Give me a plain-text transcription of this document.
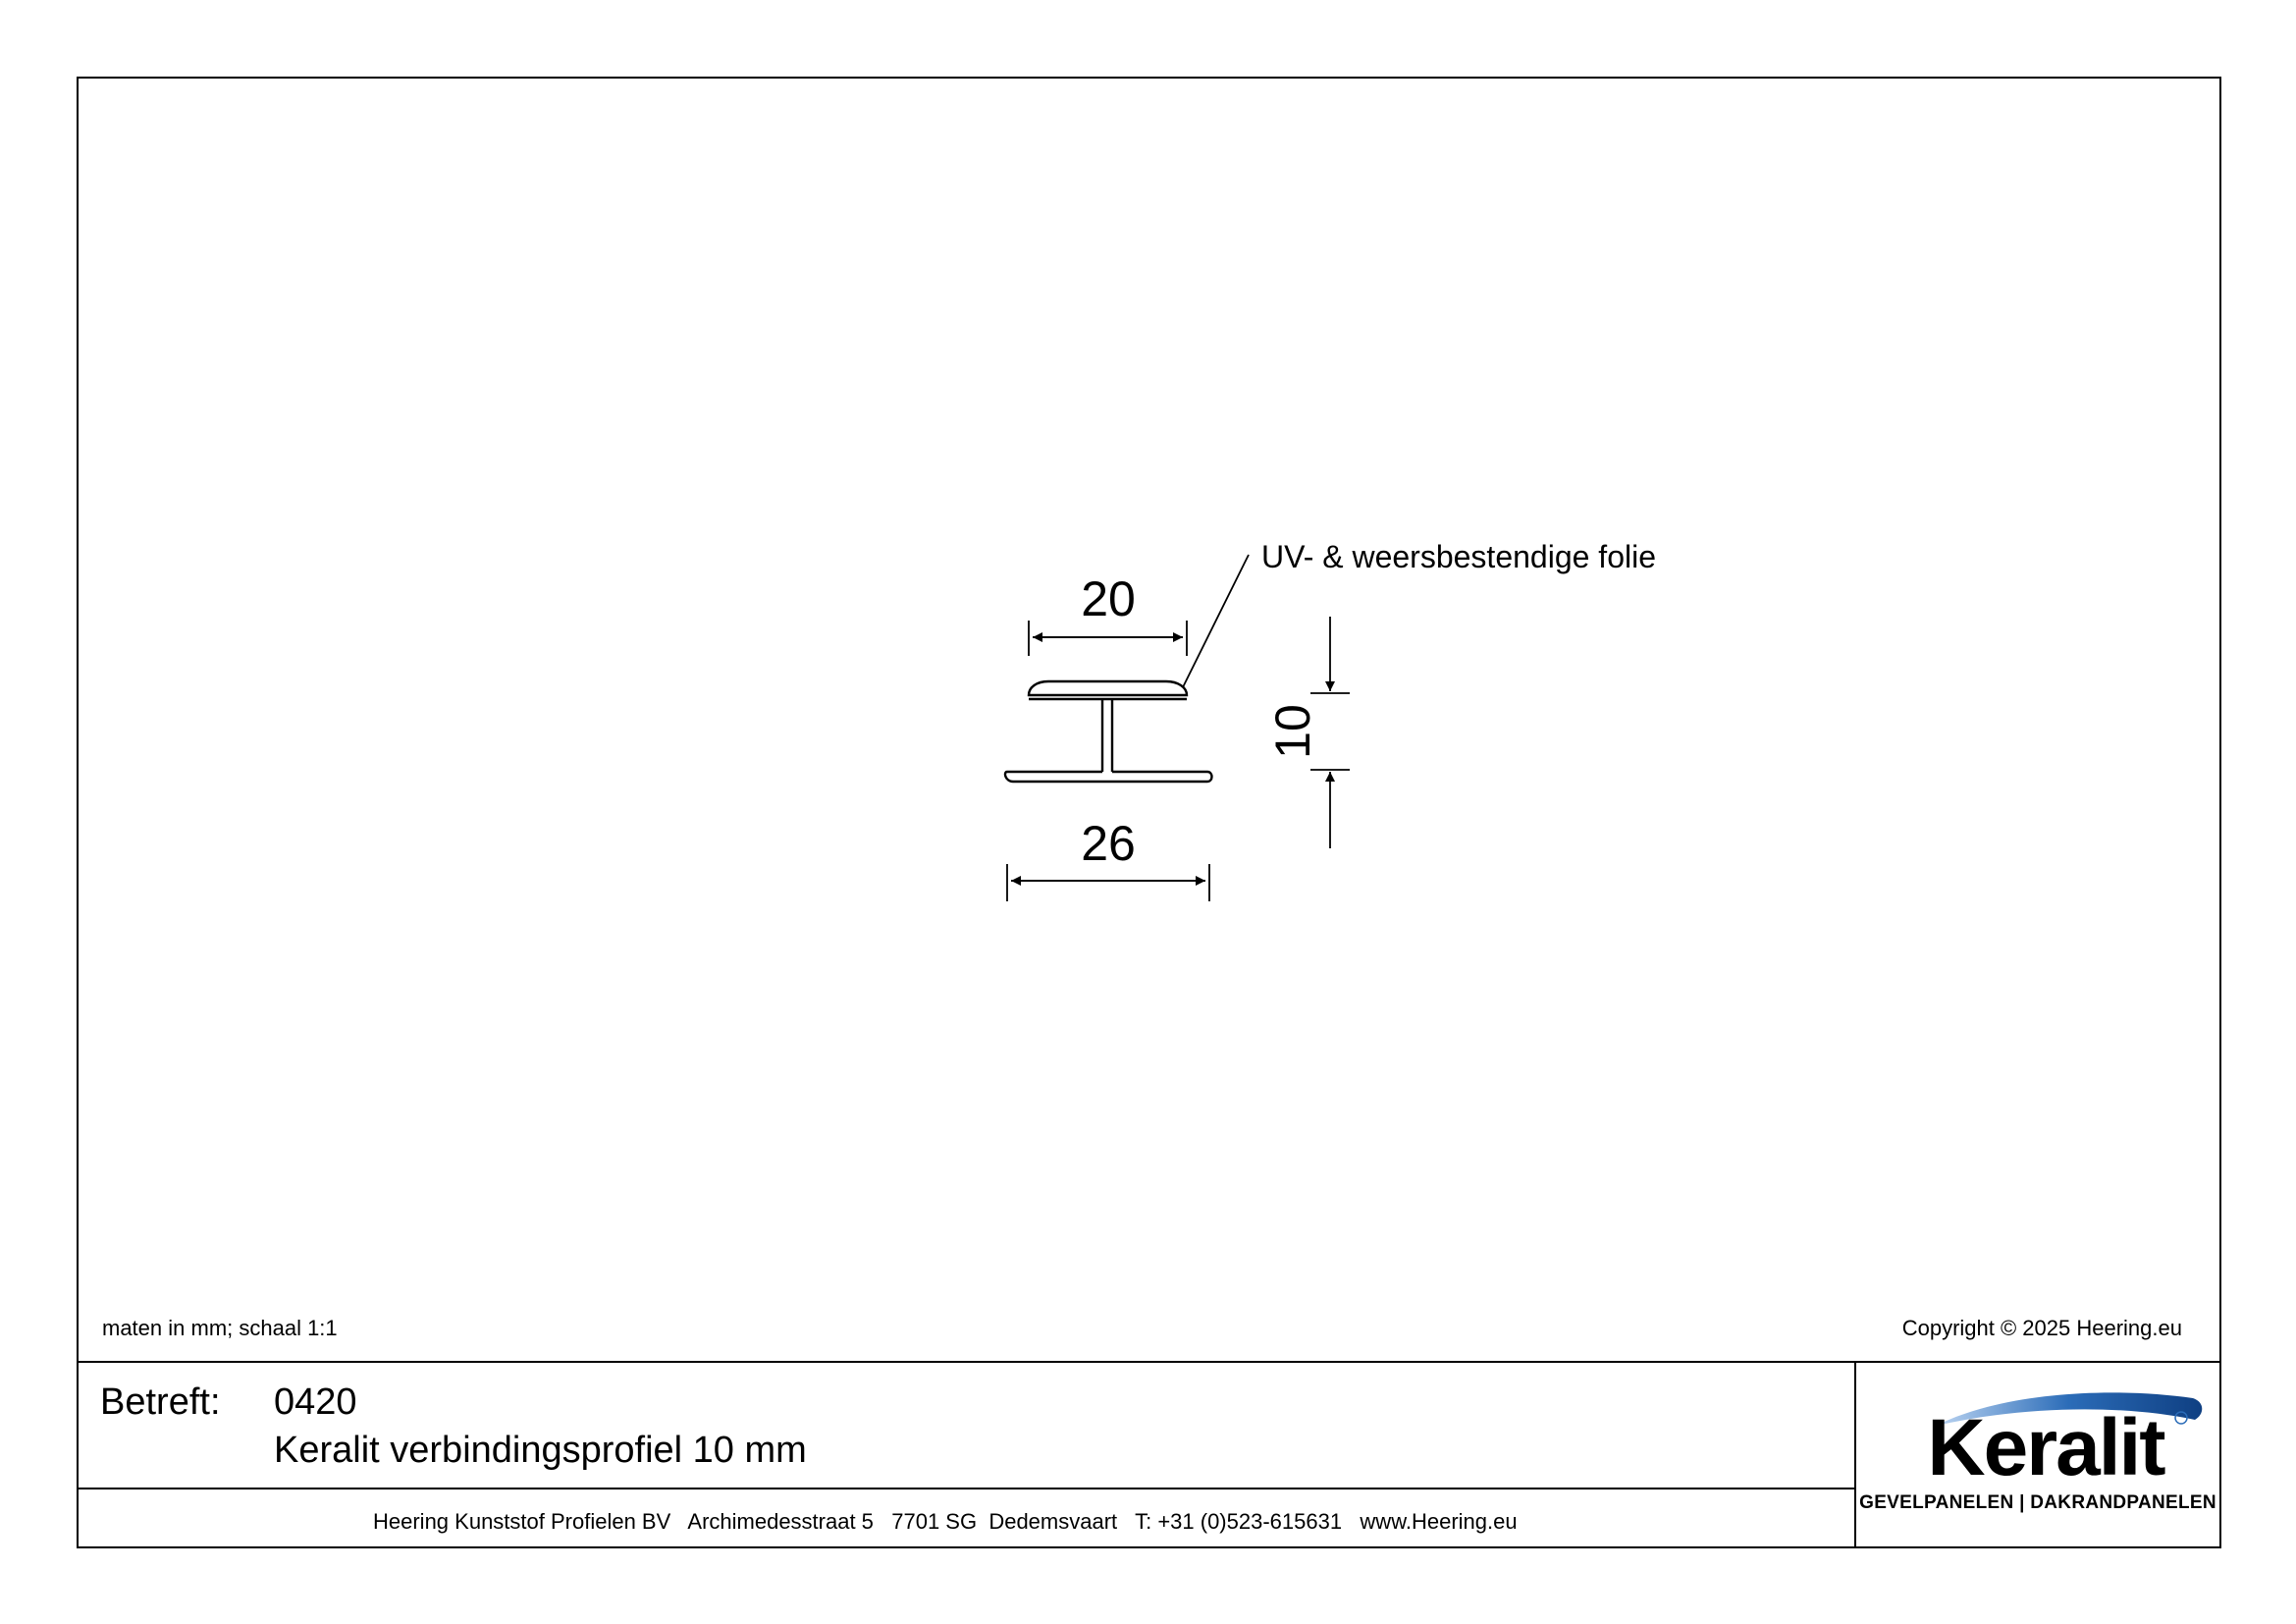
20
26
10
UV- & weersbestendige folie
maten in mm; schaal 1:1	Copyright © 2025 Heering.eu
Betreft: 0420
Keralit verbindingsprofiel 10 mm
Heering Kunststof Profielen BV   Archimedesstraat 5   7701 SG  Dedemsvaart   T: +31 (0)523-615631   www.Heering.eu
Keralit
GEVELPANELEN | DAKRANDPANELEN
